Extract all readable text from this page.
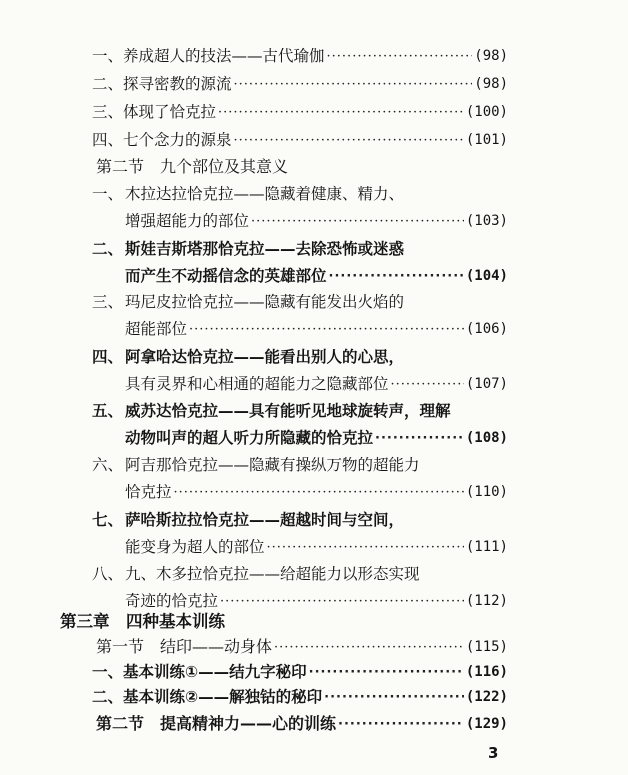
一、 养成超人的技法——古代瑜伽 ·····	(98)
二、 探寻密教的源流 ·····	(98)
三、 体现了恰克拉 ·····	(100)
四、 七个念力的源泉 ·····	(101)
第二节　九个部位及其意义
一、 木拉达拉恰克拉——隐藏着健康、精力、
增强超能力的部位 ·····	(103)
二、 斯娃吉斯塔那恰克拉——去除恐怖或迷惑
而产生不动摇信念的英雄部位 ·····	(104)
三、 玛尼皮拉恰克拉——隐藏有能发出火焰的
超能部位 ·····	(106)
四、 阿拿哈达恰克拉——能看出别人的心思，
具有灵界和心相通的超能力之隐藏部位 ·····	(107)
五、 威苏达恰克拉——具有能听见地球旋转声，理解
动物叫声的超人听力所隐藏的恰克拉 ·····	(108)
六、 阿吉那恰克拉——隐藏有操纵万物的超能力
恰克拉 ·····	(110)
七、 萨哈斯拉拉恰克拉——超越时间与空间，
能变身为超人的部位 ·····	(111)
八、 九、木多拉恰克拉——给超能力以形态实现
奇迹的恰克拉 ·····	(112)
第三章　四种基本训练
第一节　结印——动身体 ·····	(115)
一、 基本训练①——结九字秘印 ·····	(116)
二、 基本训练②——解独钴的秘印 ·····	(122)
第二节　提高精神力——心的训练 ·····	(129)
3
